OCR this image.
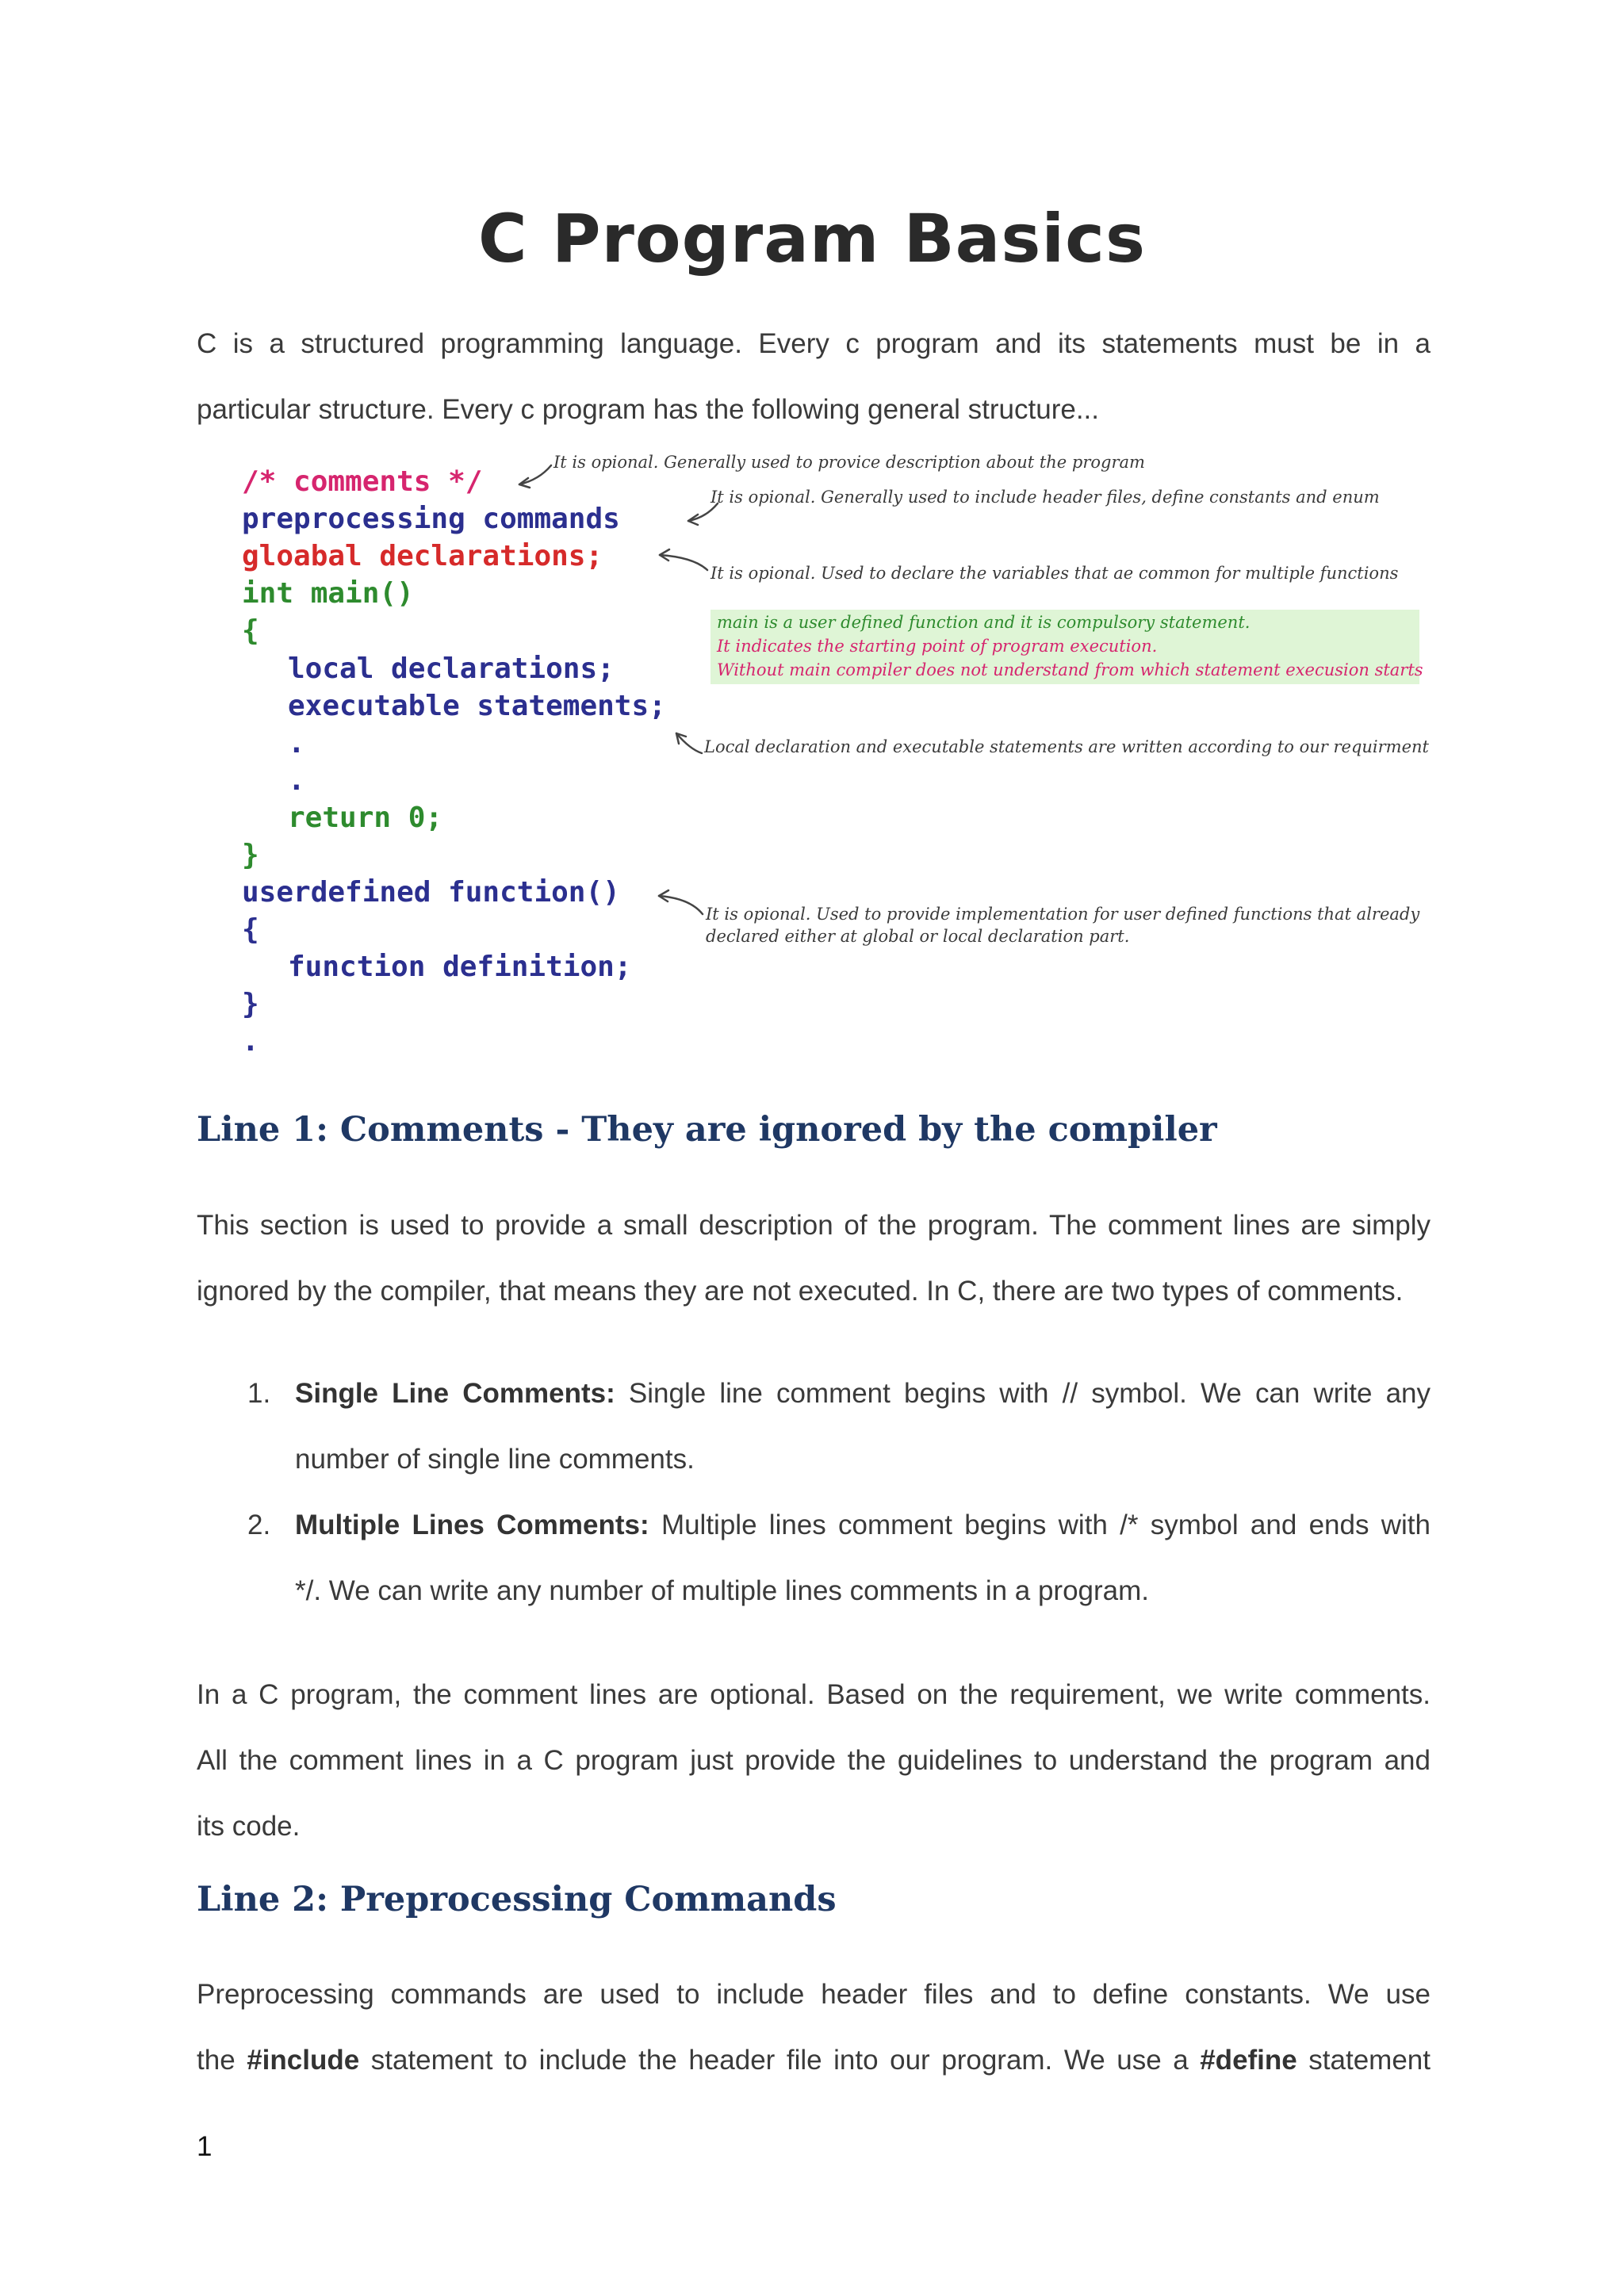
C Program Basics
C is a structured programming language. Every c program and its statements must be in a
particular structure. Every c program has the following general structure...
main is a user defined function and it is compulsory statement.
It indicates the starting point of program execution.
Without main compiler does not understand from which statement execusion starts
/* comments */
preprocessing commands
gloabal declarations;
int main()
{
local declarations;
executable statements;
.
.
return 0;
}
userdefined function()
{
function definition;
}
.
It is opional. Generally used to provice description about the program
It is opional. Generally used to include header files, define constants and enum
It is opional. Used to declare the variables that ae common for multiple functions
Local declaration and executable statements are written according to our requirment
It is opional. Used to provide implementation for user defined functions that already
declared either at global or local declaration part.
Line 1: Comments - They are ignored by the compiler
This section is used to provide a small description of the program. The comment lines are simply
ignored by the compiler, that means they are not executed. In C, there are two types of comments.
1. Single Line Comments: Single line comment begins with // symbol. We can write any
number of single line comments.
2. Multiple Lines Comments: Multiple lines comment begins with /* symbol and ends with
*/. We can write any number of multiple lines comments in a program.
In a C program, the comment lines are optional. Based on the requirement, we write comments.
All the comment lines in a C program just provide the guidelines to understand the program and
its code.
Line 2: Preprocessing Commands
Preprocessing commands are used to include header files and to define constants. We use
the #include statement to include the header file into our program. We use a #define statement
1
